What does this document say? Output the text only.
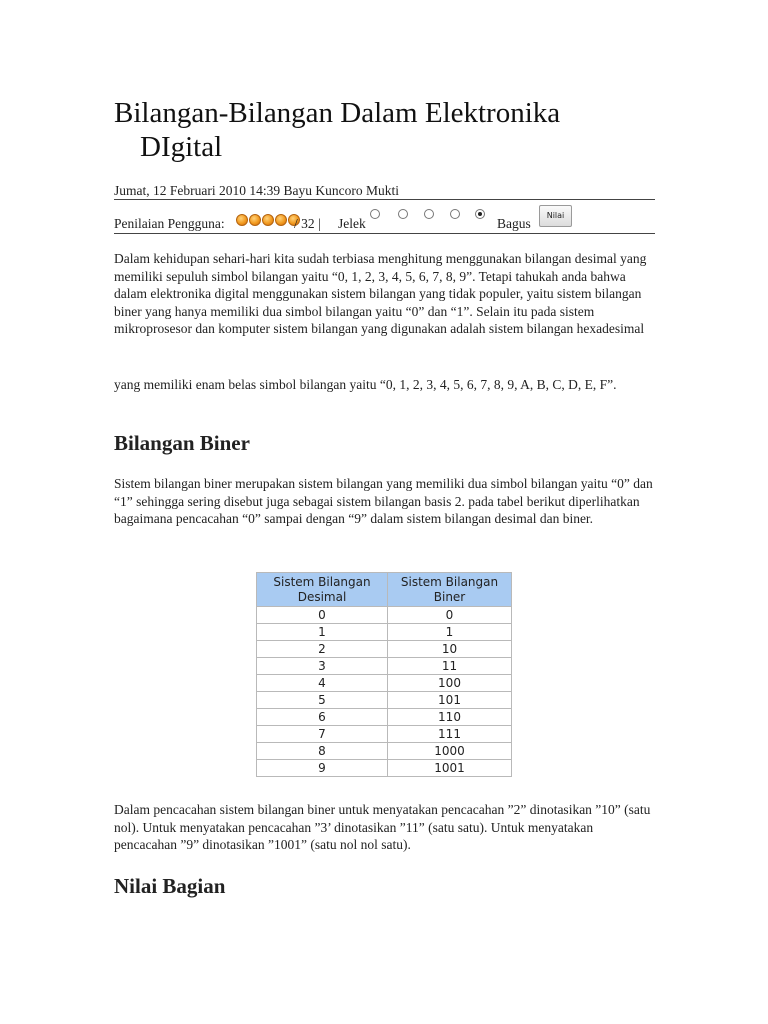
Bilangan-Bilangan Dalam Elektronika
DIgital
Jumat, 12 Februari 2010 14:39 Bayu Kuncoro Mukti
Penilaian Pengguna:	/ 32 | Jelek	Bagus
Nilai

Dalam kehidupan sehari-hari kita sudah terbiasa menghitung menggunakan bilangan desimal yang memiliki sepuluh simbol bilangan yaitu “0, 1, 2, 3, 4, 5, 6, 7, 8, 9”. Tetapi tahukah anda bahwa dalam elektronika digital menggunakan sistem bilangan yang tidak populer, yaitu sistem bilangan biner yang hanya memiliki dua simbol bilangan yaitu “0” dan “1”. Selain itu pada sistem mikroprosesor dan komputer sistem bilangan yang digunakan adalah sistem bilangan hexadesimal

yang memiliki enam belas simbol bilangan yaitu “0, 1, 2, 3, 4, 5, 6, 7, 8, 9, A, B, C, D, E, F”.

Bilangan Biner

Sistem bilangan biner merupakan sistem bilangan yang memiliki dua simbol bilangan yaitu “0” dan “1” sehingga sering disebut juga sebagai sistem bilangan basis 2. pada tabel berikut diperlihatkan bagaimana pencacahan “0” sampai dengan “9” dalam sistem bilangan desimal dan biner.

Sistem Bilangan Desimal	Sistem Bilangan Biner
0	0
1	1
2	10
3	11
4	100
5	101
6	110
7	111
8	1000
9	1001

Dalam pencacahan sistem bilangan biner untuk menyatakan pencacahan ”2” dinotasikan ”10” (satu nol). Untuk menyatakan pencacahan ”3’ dinotasikan ”11” (satu satu). Untuk menyatakan pencacahan ”9” dinotasikan ”1001” (satu nol nol satu).

Nilai Bagian
